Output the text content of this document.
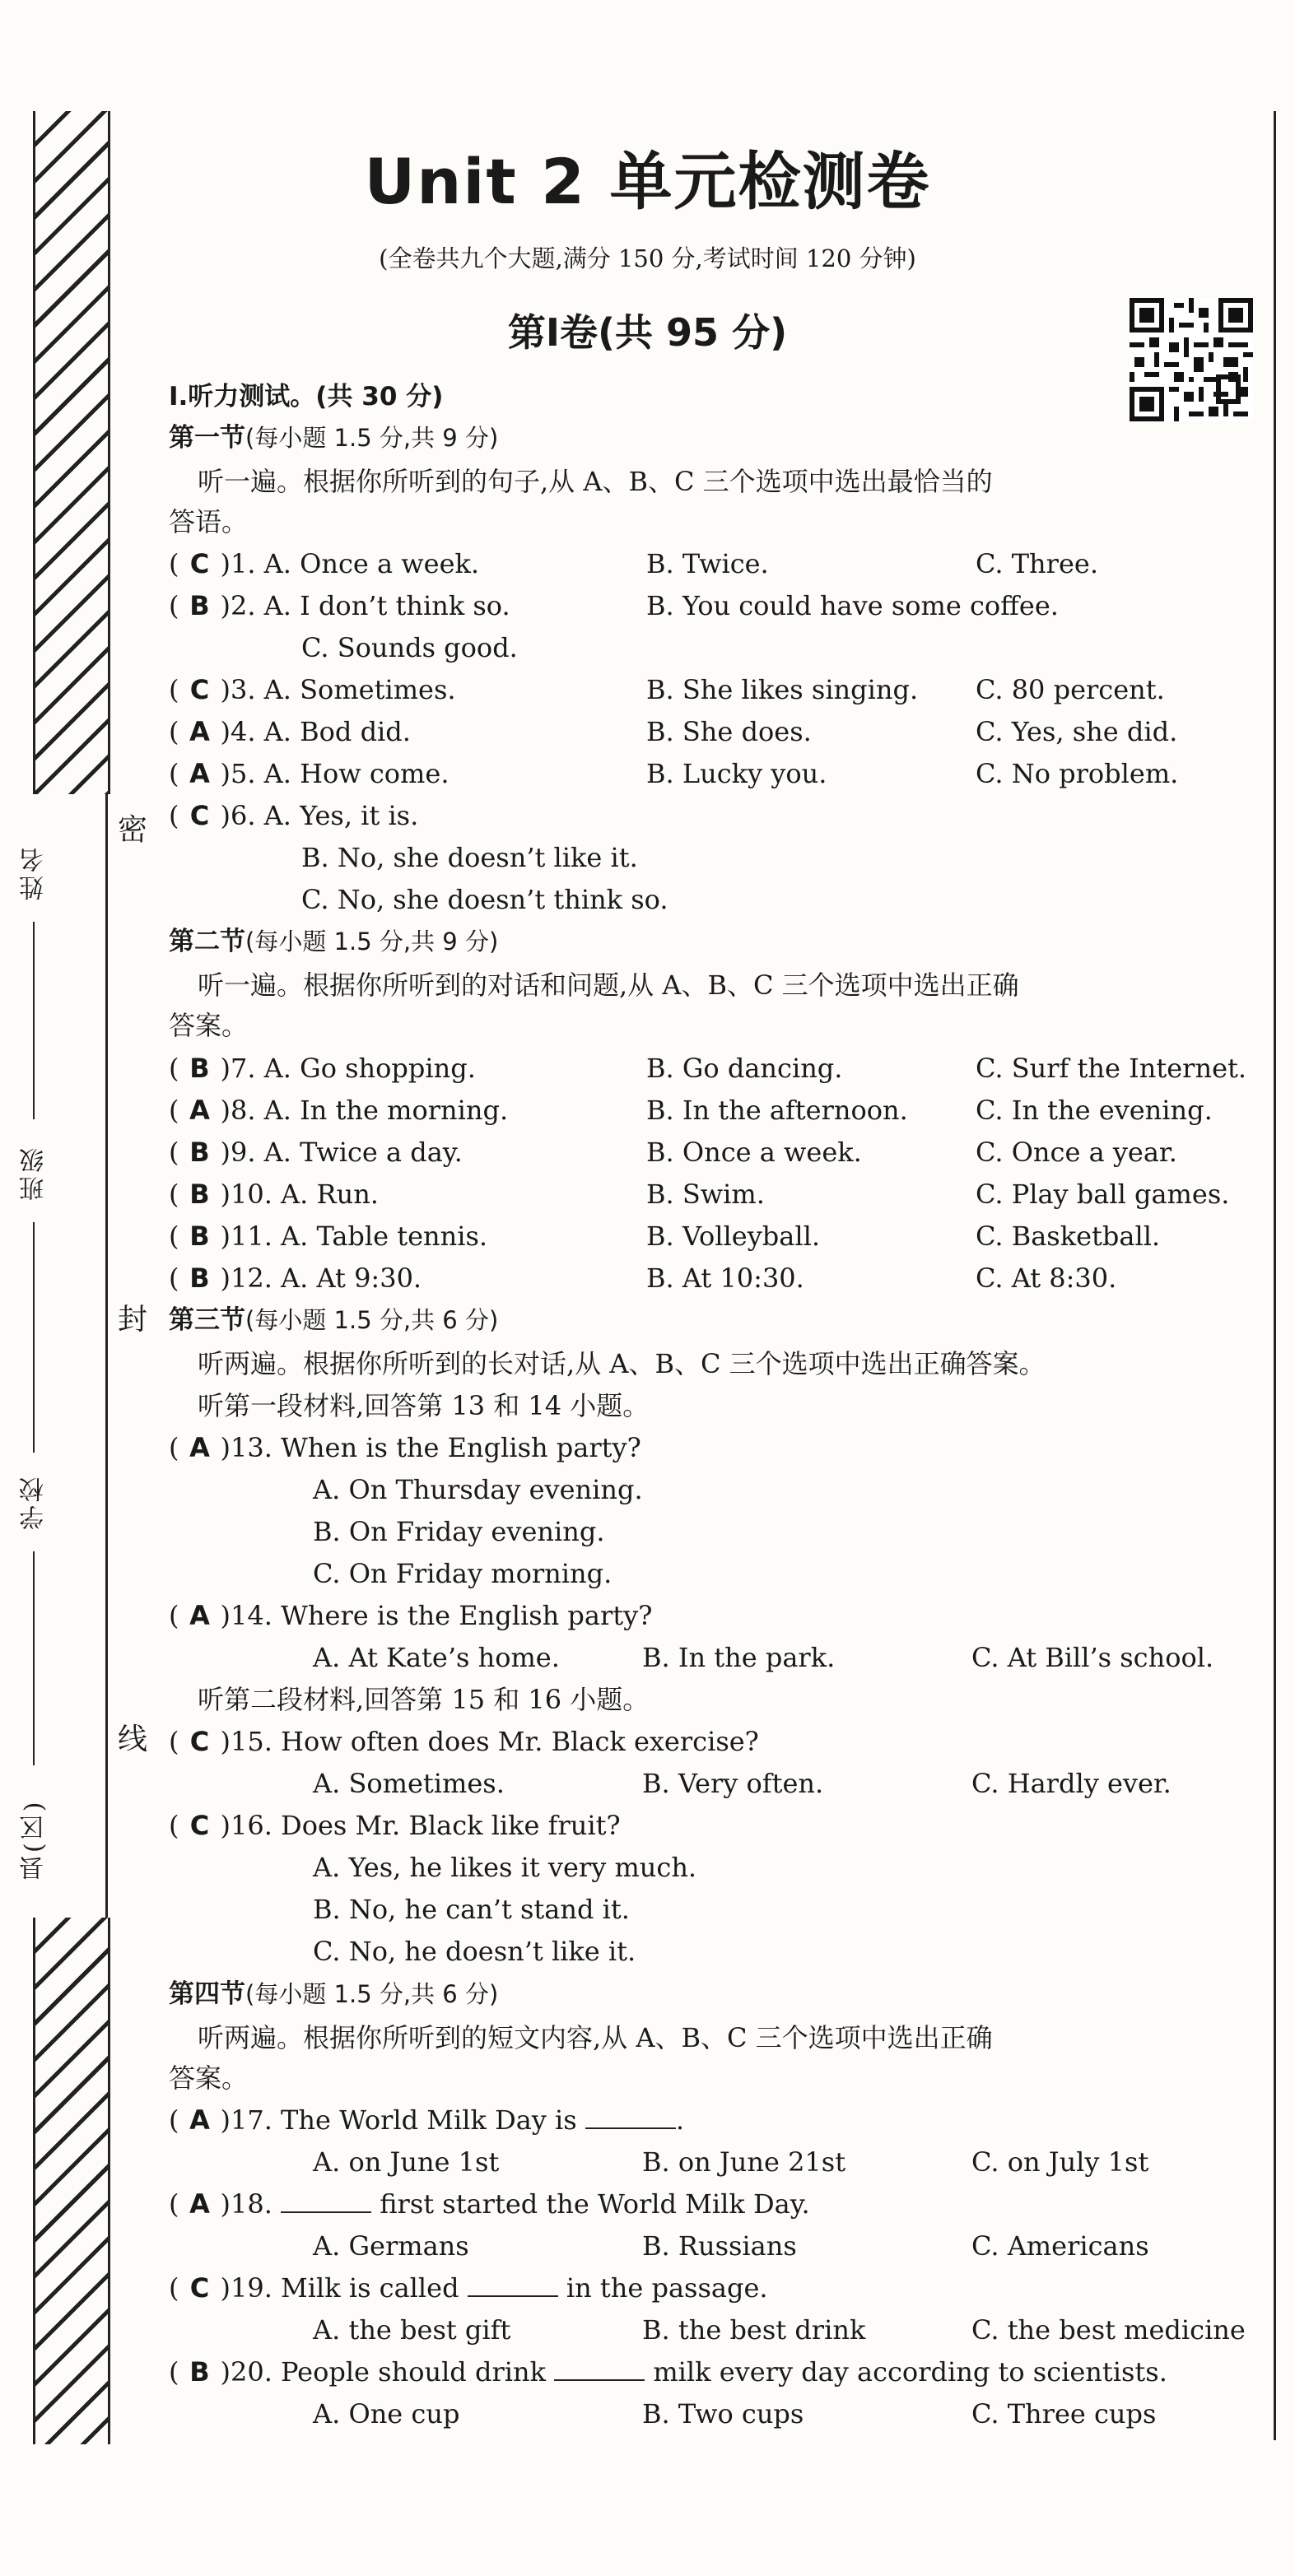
姓名
班级
学校
县(区)
密
封
线
Unit 2 单元检测卷
(全卷共九个大题,满分 150 分,考试时间 120 分钟)
第Ⅰ卷(共 95 分)
Ⅰ.听力测试。(共 30 分)
第一节(每小题 1.5 分,共 9 分)
听一遍。根据你所听到的句子,从 A、B、C 三个选项中选出最恰当的
答语。
( C )1. A. Once a week.	B. Twice.	C. Three.
( B )2. A. I don’t think so.	B. You could have some coffee.
C. Sounds good.
( C )3. A. Sometimes.	B. She likes singing. C. 80 percent.
( A )4. A. Bod did.	B. She does.	C. Yes, she did.
( A )5. A. How come.	B. Lucky you.	C. No problem.
( C )6. A. Yes, it is.
B. No, she doesn’t like it.
C. No, she doesn’t think so.
第二节(每小题 1.5 分,共 9 分)
听一遍。根据你所听到的对话和问题,从 A、B、C 三个选项中选出正确
答案。
( B )7. A. Go shopping.	B. Go dancing.	C. Surf the Internet.
( A )8. A. In the morning.	B. In the afternoon.	C. In the evening.
( B )9. A. Twice a day.	B. Once a week.	C. Once a year.
( B )10. A. Run.	B. Swim.	C. Play ball games.
( B )11. A. Table tennis.	B. Volleyball.	C. Basketball.
( B )12. A. At 9:30.	B. At 10:30.	C. At 8:30.
第三节(每小题 1.5 分,共 6 分)
听两遍。根据你所听到的长对话,从 A、B、C 三个选项中选出正确答案。
听第一段材料,回答第 13 和 14 小题。
( A )13. When is the English party?
A. On Thursday evening.
B. On Friday evening.
C. On Friday morning.
( A )14. Where is the English party?
A. At Kate’s home.	B. In the park.	C. At Bill’s school.
听第二段材料,回答第 15 和 16 小题。
( C )15. How often does Mr. Black exercise?
A. Sometimes.	B. Very often.	C. Hardly ever.
( C )16. Does Mr. Black like fruit?
A. Yes, he likes it very much.
B. No, he can’t stand it.
C. No, he doesn’t like it.
第四节(每小题 1.5 分,共 6 分)
听两遍。根据你所听到的短文内容,从 A、B、C 三个选项中选出正确
答案。
( A )17. The World Milk Day is	.
A. on June 1st	B. on June 21st	C. on July 1st
( A )18.	first started the World Milk Day.
A. Germans	B. Russians	C. Americans
( C )19. Milk is called	in the passage.
A. the best gift	B. the best drink	C. the best medicine
( B )20. People should drink	milk every day according to scientists.
A. One cup	B. Two cups	C. Three cups
